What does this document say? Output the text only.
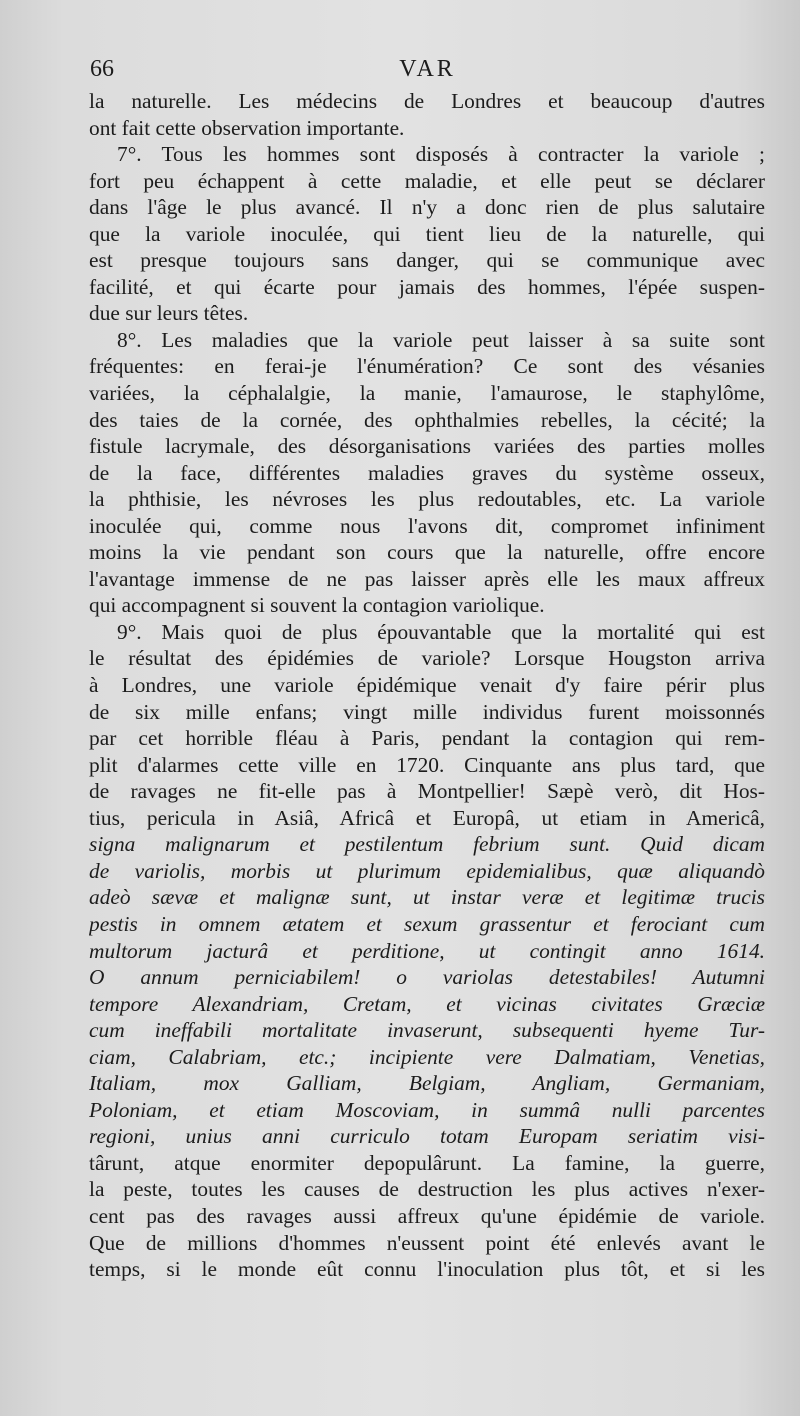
66	VAR
la naturelle. Les médecins de Londres et beaucoup d'autres
ont fait cette observation importante.
7°. Tous les hommes sont disposés à contracter la variole ;
fort peu échappent à cette maladie, et elle peut se déclarer
dans l'âge le plus avancé. Il n'y a donc rien de plus salutaire
que la variole inoculée, qui tient lieu de la naturelle, qui
est presque toujours sans danger, qui se communique avec
facilité, et qui écarte pour jamais des hommes, l'épée suspen-
due sur leurs têtes.
8°. Les maladies que la variole peut laisser à sa suite sont
fréquentes: en ferai-je l'énumération? Ce sont des vésanies
variées, la céphalalgie, la manie, l'amaurose, le staphylôme,
des taies de la cornée, des ophthalmies rebelles, la cécité; la
fistule lacrymale, des désorganisations variées des parties molles
de la face, différentes maladies graves du système osseux,
la phthisie, les névroses les plus redoutables, etc. La variole
inoculée qui, comme nous l'avons dit, compromet infiniment
moins la vie pendant son cours que la naturelle, offre encore
l'avantage immense de ne pas laisser après elle les maux affreux
qui accompagnent si souvent la contagion variolique.
9°. Mais quoi de plus épouvantable que la mortalité qui est
le résultat des épidémies de variole? Lorsque Hougston arriva
à Londres, une variole épidémique venait d'y faire périr plus
de six mille enfans; vingt mille individus furent moissonnés
par cet horrible fléau à Paris, pendant la contagion qui rem-
plit d'alarmes cette ville en 1720. Cinquante ans plus tard, que
de ravages ne fit-elle pas à Montpellier! Sæpè verò, dit Hos-
tius, pericula in Asiâ, Africâ et Europâ, ut etiam in Americâ,
signa malignarum et pestilentum febrium sunt. Quid dicam
de variolis, morbis ut plurimum epidemialibus, quæ aliquandò
adeò sævæ et malignæ sunt, ut instar veræ et legitimæ trucis
pestis in omnem ætatem et sexum grassentur et ferociant cum
multorum jacturâ et perditione, ut contingit anno 1614.
O annum perniciabilem! o variolas detestabiles! Autumni
tempore Alexandriam, Cretam, et vicinas civitates Græciæ
cum ineffabili mortalitate invaserunt, subsequenti hyeme Tur-
ciam, Calabriam, etc.; incipiente vere Dalmatiam, Venetias,
Italiam, mox Galliam, Belgiam, Angliam, Germaniam,
Poloniam, et etiam Moscoviam, in summâ nulli parcentes
regioni, unius anni curriculo totam Europam seriatim visi-
târunt, atque enormiter depopulârunt. La famine, la guerre,
la peste, toutes les causes de destruction les plus actives n'exer-
cent pas des ravages aussi affreux qu'une épidémie de variole.
Que de millions d'hommes n'eussent point été enlevés avant le
temps, si le monde eût connu l'inoculation plus tôt, et si les
